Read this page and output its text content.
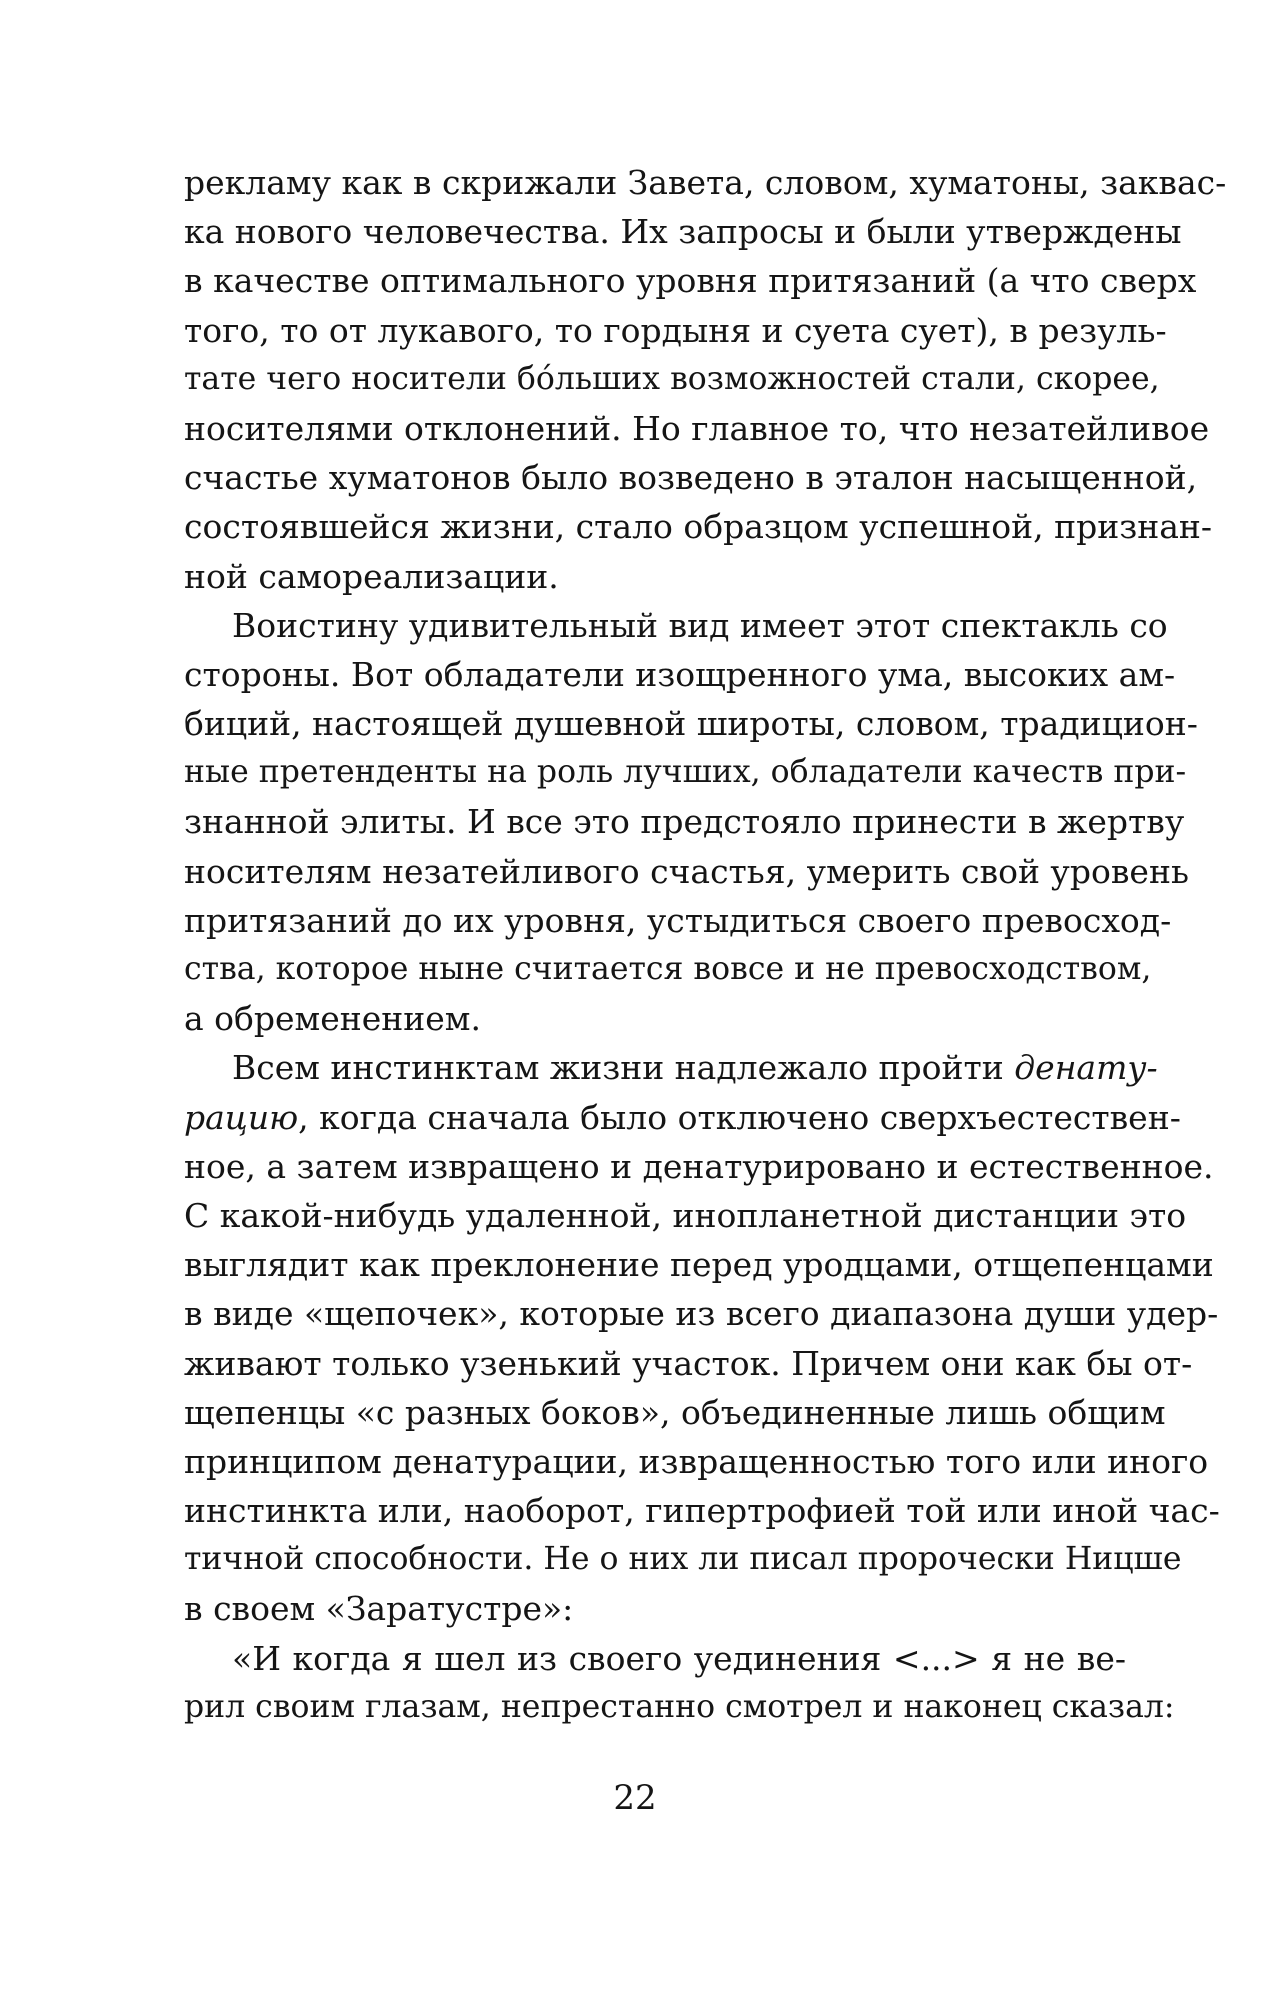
рекламу как в скрижали Завета, словом, хуматоны, заквас-
ка нового человечества. Их запросы и были утверждены
в качестве оптимального уровня притязаний (а что сверх
того, то от лукавого, то гордыня и суета сует), в резуль-
тате чего носители бо́льших возможностей стали, скорее,
носителями отклонений. Но главное то, что незатейливое
счастье хуматонов было возведено в эталон насыщенной,
состоявшейся жизни, стало образцом успешной, признан-
ной самореализации.
Воистину удивительный вид имеет этот спектакль со
стороны. Вот обладатели изощренного ума, высоких ам-
биций, настоящей душевной широты, словом, традицион-
ные претенденты на роль лучших, обладатели качеств при-
знанной элиты. И все это предстояло принести в жертву
носителям незатейливого счастья, умерить свой уровень
притязаний до их уровня, устыдиться своего превосход-
ства, которое ныне считается вовсе и не превосходством,
а обременением.
Всем инстинктам жизни надлежало пройти денату-
рацию, когда сначала было отключено сверхъестествен-
ное, а затем извращено и денатурировано и естественное.
С какой-нибудь удаленной, инопланетной дистанции это
выглядит как преклонение перед уродцами, отщепенцами
в виде «щепочек», которые из всего диапазона души удер-
живают только узенький участок. Причем они как бы от-
щепенцы «с разных боков», объединенные лишь общим
принципом денатурации, извращенностью того или иного
инстинкта или, наоборот, гипертрофией той или иной час-
тичной способности. Не о них ли писал пророчески Ницше
в своем «Заратустре»:
«И когда я шел из своего уединения <...> я не ве-
рил своим глазам, непрестанно смотрел и наконец сказал:
22
